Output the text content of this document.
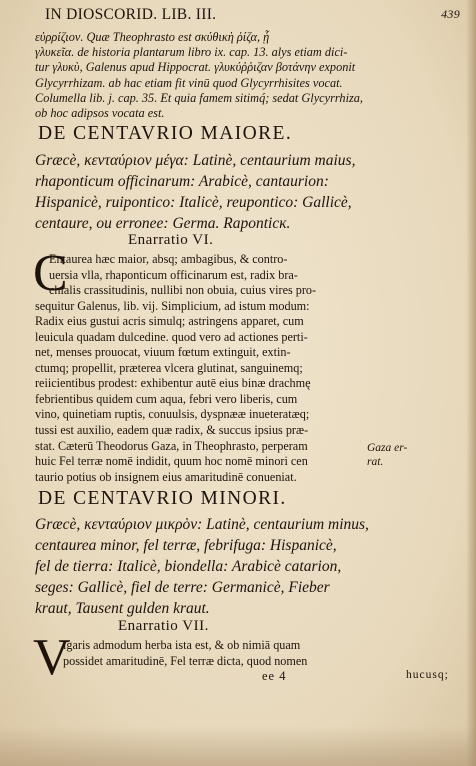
IN DIOSCORID. LIB. III.	439
εὐρρίζιον. Quæ Theophrasto est σκύθικὴ ῥίζα, ᾗ
γλυκεῖα. de historia plantarum libro ix. cap. 13. alys etiam dici-
tur γλυκὺ, Galenus apud Hippocrat. γλυκύῤῥιζαν βοτάνην exponit
Glycyrrhizam. ab hac etiam fit vinū quod Glycyrrhisites vocat.
Columella lib. j. cap. 35. Et quia famem sitimq́; sedat Glycyrrhiza,
ob hoc adipsos vocata est.
DE CENTAVRIO MAIORE.
Græcè, κενταύριον μέγα: Latinè, centaurium maius,
rhaponticum officinarum: Arabicè, cantaurion:
Hispanicè, ruiponticо: Italicè, reupontico: Gallicè,
centaure, ou erronee: Germa. Raponticк.
Enarratio VI.
C
Entaurea hæc maior, absq; ambagibus, & contro-
uersia vlla, rhaponticum officinarum est, radix bra-
chialis crassitudinis, nullibi non obuia, cuius vires pro-
sequitur Galenus, lib. vij. Simplicium, ad istum modum:
Radix eius gustui acris simulq; astringens apparet, cum
leuicula quadam dulcedine. quod vero ad actiones perti-
net, menses prouocat, viuum fœtum extinguit, extin-
ctumq; propellit, præterea vlcera glutinat, sanguinemq;
reiicientibus prodest: exhibentur autē eius binæ drachmę
febrientibus quidem cum aqua, febri vero liberis, cum
vino, quinetiam ruptis, conuulsis, dyspnææ inueteratæq;
tussi est auxilio, eadem quæ radix, & succus ipsius præ-
stat. Cæterū Theodorus Gaza, in Theophrasto, perperam
huic Fel terræ nomē indidit, quum hoc nomē minori cen
taurio potius ob insignem eius amaritudinē conueniat.
Gaza er-
rat.
DE CENTAVRIO MINORI.
Græcè, κενταύριον μικρὸν: Latinè, centaurium minus,
centaurea minor, fel terræ, febrifuga: Hispanicè,
fel de tierra: Italicè, biondella: Arabicè catarion,
seges: Gallicè, fiel de terre: Germanicè, Fieber
kraut, Tausent gulden kraut.
Enarratio VII.
V
lgaris admodum herba ista est, & ob nimiā quam
possidet amaritudinē, Fel terræ dicta, quod nomen
ee 4	hucusq;
